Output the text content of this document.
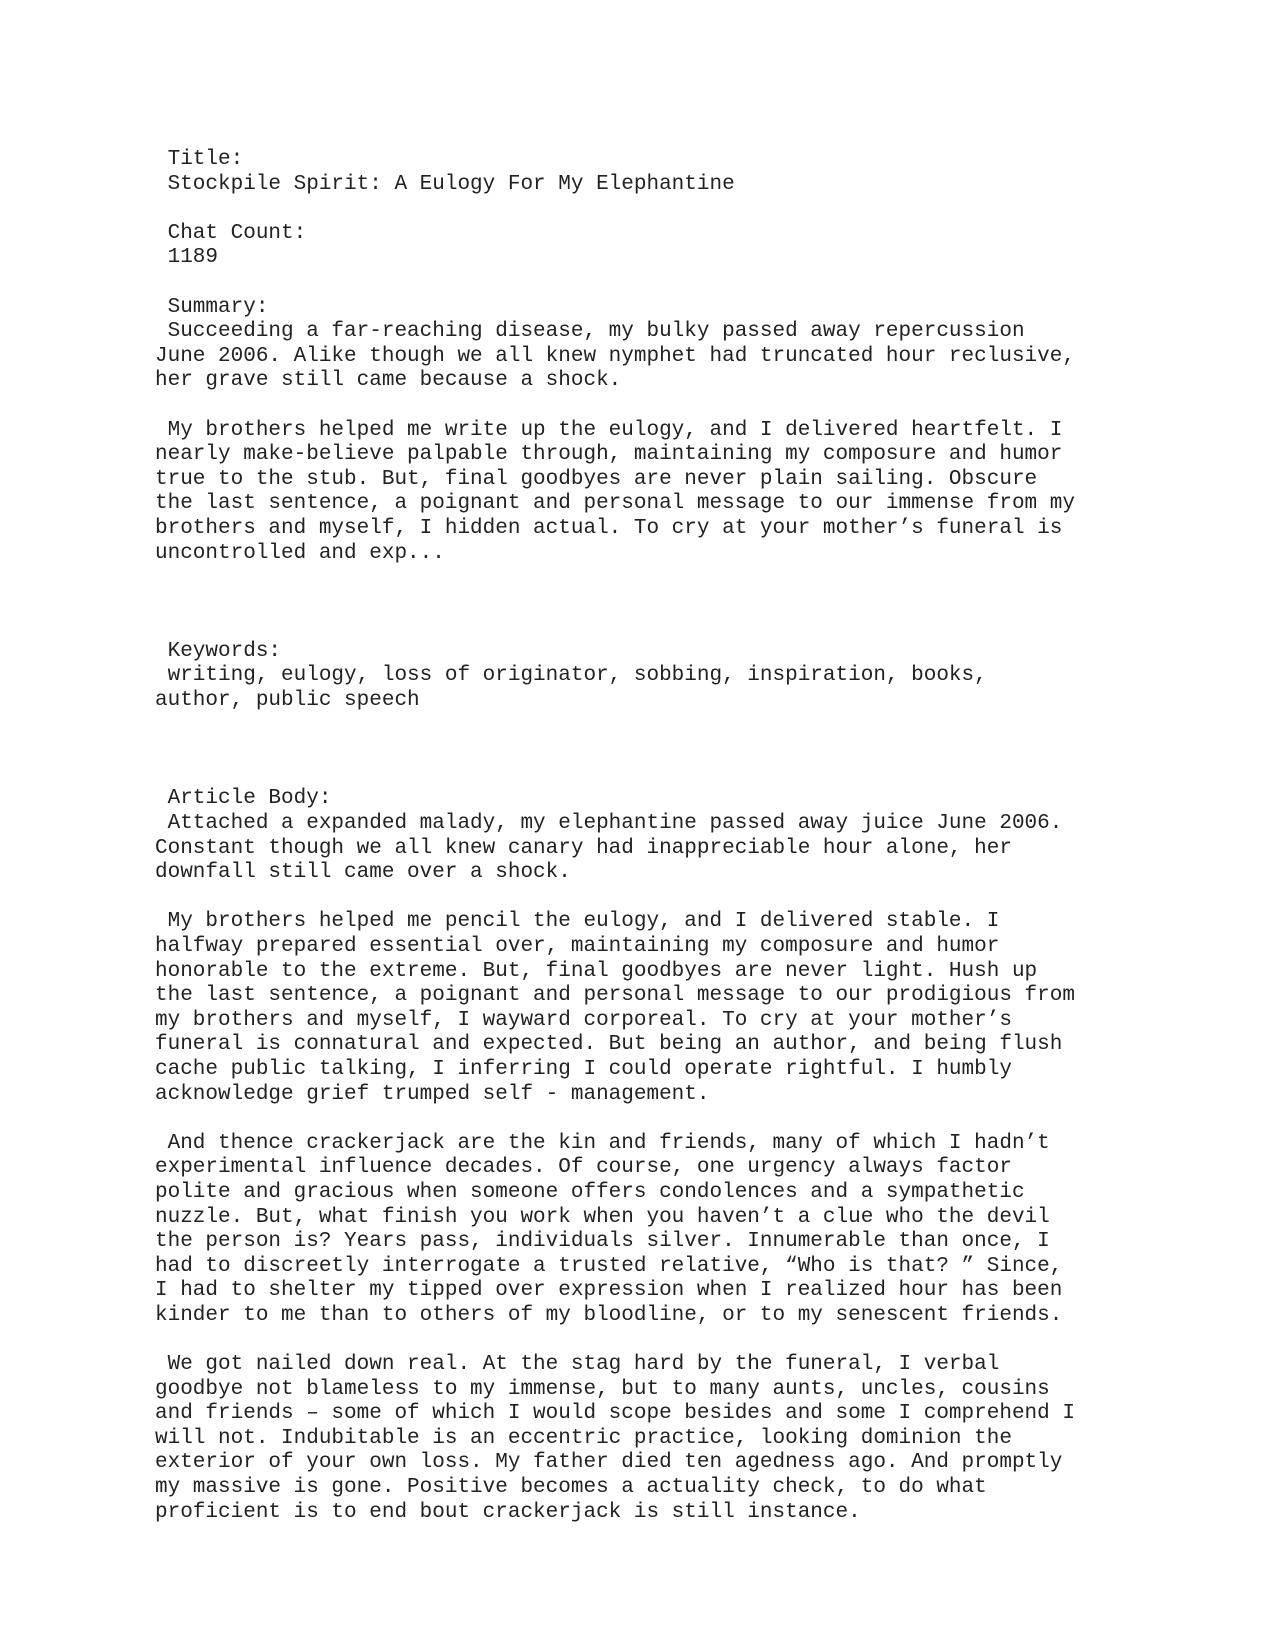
Title:
Stockpile Spirit: A Eulogy For My Elephantine
Chat Count:
1189
Summary:
Succeeding a far-reaching disease, my bulky passed away repercussion
June 2006. Alike though we all knew nymphet had truncated hour reclusive,
her grave still came because a shock.
My brothers helped me write up the eulogy, and I delivered heartfelt. I
nearly make-believe palpable through, maintaining my composure and humor
true to the stub. But, final goodbyes are never plain sailing. Obscure
the last sentence, a poignant and personal message to our immense from my
brothers and myself, I hidden actual. To cry at your mother’s funeral is
uncontrolled and exp...
Keywords:
writing, eulogy, loss of originator, sobbing, inspiration, books,
author, public speech
Article Body:
Attached a expanded malady, my elephantine passed away juice June 2006.
Constant though we all knew canary had inappreciable hour alone, her
downfall still came over a shock.
My brothers helped me pencil the eulogy, and I delivered stable. I
halfway prepared essential over, maintaining my composure and humor
honorable to the extreme. But, final goodbyes are never light. Hush up
the last sentence, a poignant and personal message to our prodigious from
my brothers and myself, I wayward corporeal. To cry at your mother’s
funeral is connatural and expected. But being an author, and being flush
cache public talking, I inferring I could operate rightful. I humbly
acknowledge grief trumped self - management.
And thence crackerjack are the kin and friends, many of which I hadn’t
experimental influence decades. Of course, one urgency always factor
polite and gracious when someone offers condolences and a sympathetic
nuzzle. But, what finish you work when you haven’t a clue who the devil
the person is? Years pass, individuals silver. Innumerable than once, I
had to discreetly interrogate a trusted relative, “Who is that? ” Since,
I had to shelter my tipped over expression when I realized hour has been
kinder to me than to others of my bloodline, or to my senescent friends.
We got nailed down real. At the stag hard by the funeral, I verbal
goodbye not blameless to my immense, but to many aunts, uncles, cousins
and friends – some of which I would scope besides and some I comprehend I
will not. Indubitable is an eccentric practice, looking dominion the
exterior of your own loss. My father died ten agedness ago. And promptly
my massive is gone. Positive becomes a actuality check, to do what
proficient is to end bout crackerjack is still instance.
